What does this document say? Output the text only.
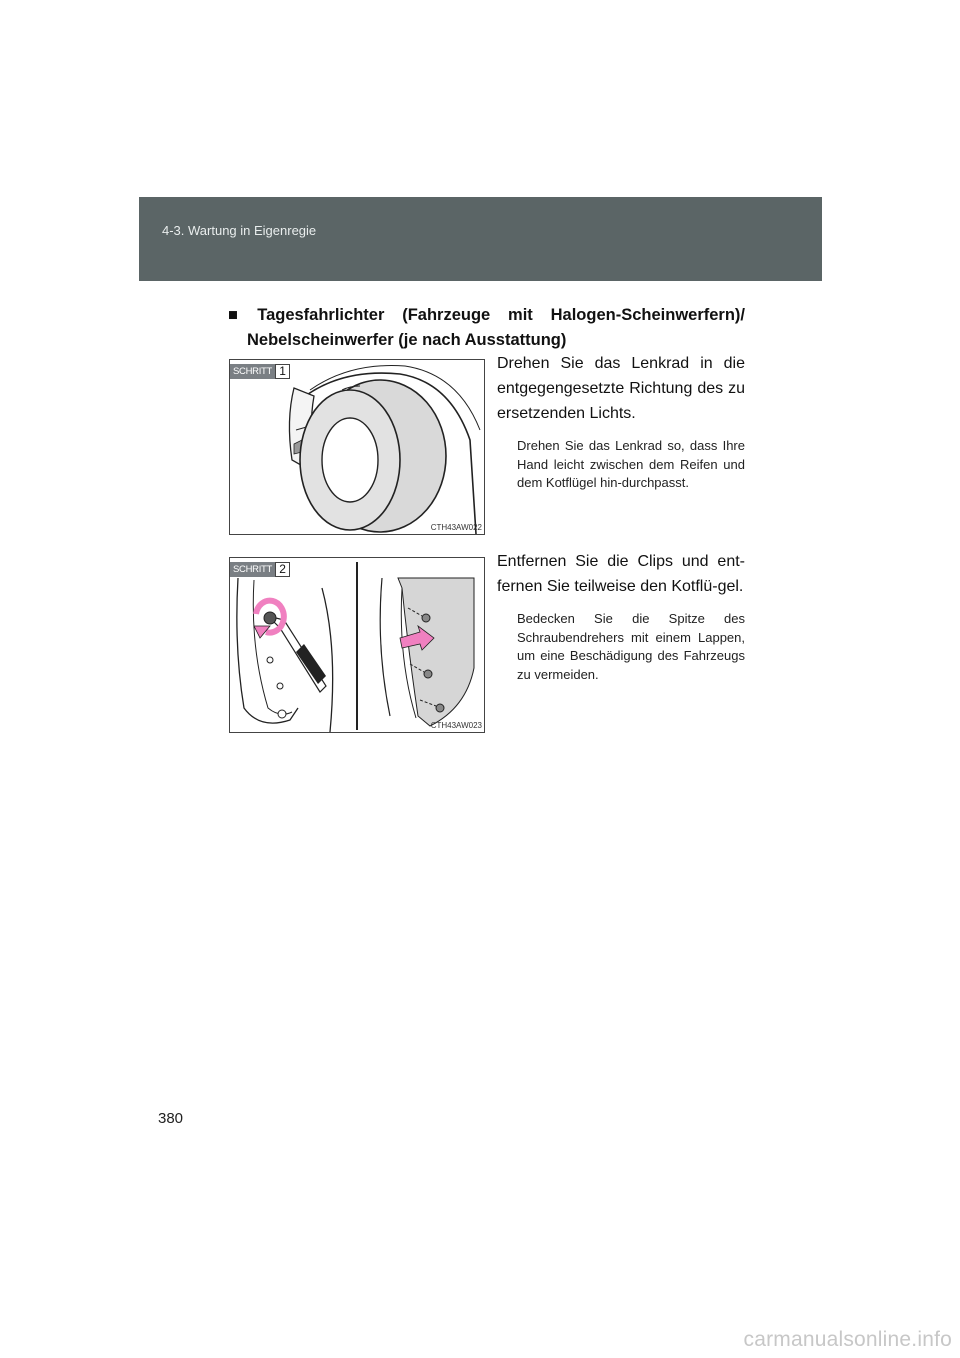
4-3. Wartung in Eigenregie
■ Tagesfahrlichter (Fahrzeuge mit Halogen-Scheinwerfern)/
Nebelscheinwerfer (je nach Ausstattung)
SCHRITT 1
CTH43AW022

Drehen Sie das Lenkrad in die entgegengesetzte Richtung des zu ersetzenden Lichts.

Drehen Sie das Lenkrad so, dass Ihre Hand leicht zwischen dem Reifen und dem Kotflügel hin-durchpasst.

SCHRITT 2
CTH43AW023

Entfernen Sie die Clips und ent-fernen Sie teilweise den Kotflü-gel.

Bedecken Sie die Spitze des Schraubendrehers mit einem Lappen, um eine Beschädigung des Fahrzeugs zu vermeiden.

380
carmanualsonline.info
